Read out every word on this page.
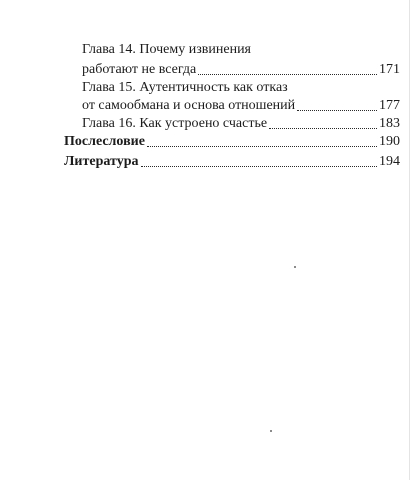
Глава 14. Почему извинения
работают не всегда	171
Глава 15. Аутентичность как отказ
от самообмана и основа отношений	177
Глава 16. Как устроено счастье	183
Послесловие	190
Литература	194
